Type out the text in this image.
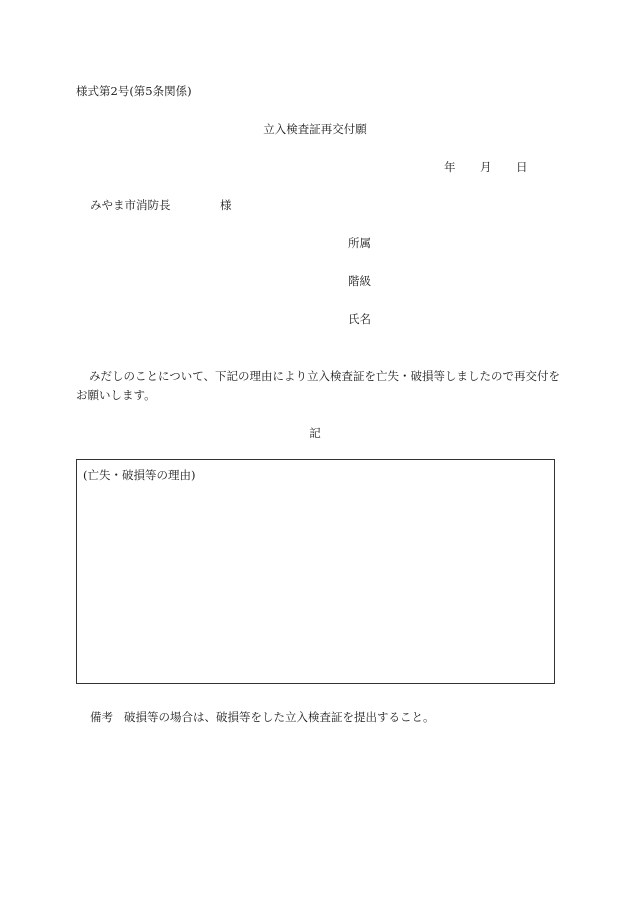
様式第2号(第5条関係)
立入検査証再交付願
年 月 日
みやま市消防長	様
所属
階級
氏名
みだしのことについて、下記の理由により立入検査証を亡失・破損等しましたので再交付をお願いします。
記
(亡失・破損等の理由)
備考 破損等の場合は、破損等をした立入検査証を提出すること。
